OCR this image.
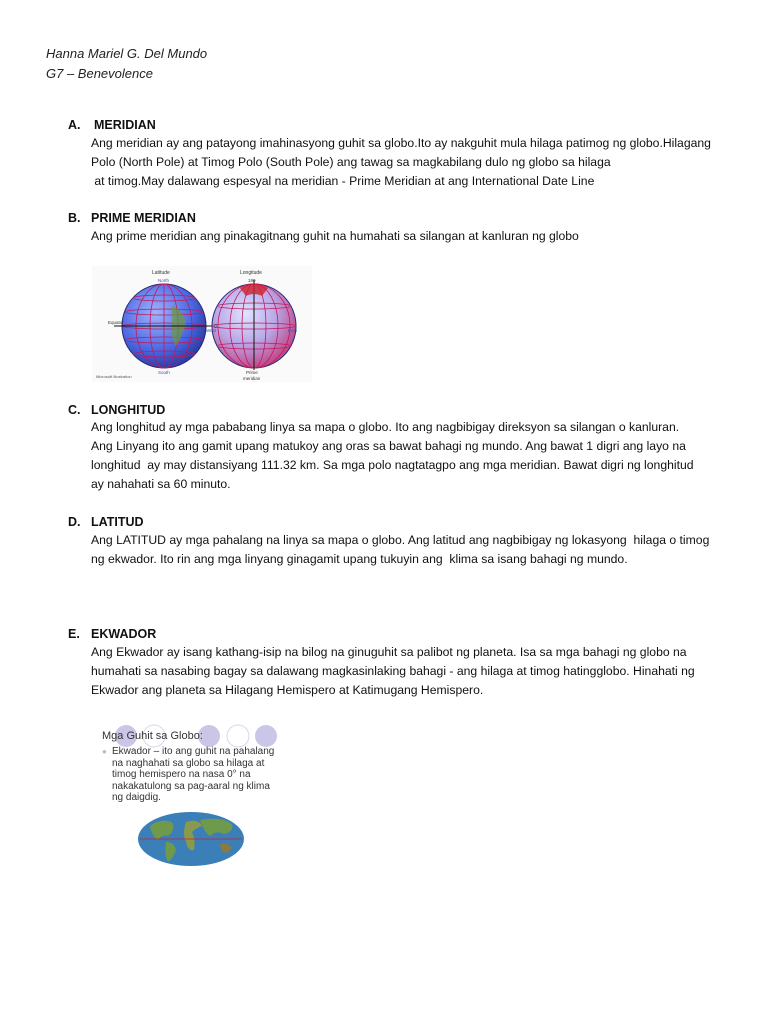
Hanna Mariel G. Del Mundo
G7 – Benevolence
A. MERIDIAN
Ang meridian ay ang patayong imahinasyong guhit sa globo.Ito ay nakguhit mula hilaga patimog ng globo.Hilagang
Polo (North Pole) at Timog Polo (South Pole) ang tawag sa magkabilang dulo ng globo sa hilaga
at timog.May dalawang espesyal na meridian - Prime Meridian at ang International Date Line
B. PRIME MERIDIAN
Ang prime meridian ang pinakagitnang guhit na humahati sa silangan at kanluran ng globo
Latitude
North
South
Equator
0
Longitude
180
West	East
Prime
meridian
Microsoft Illustration
C. LONGHITUD
Ang longhitud ay mga pababang linya sa mapa o globo. Ito ang nagbibigay direksyon sa silangan o kanluran.
Ang Linyang ito ang gamit upang matukoy ang oras sa bawat bahagi ng mundo. Ang bawat 1 digri ang layo na
longhitud  ay may distansiyang 111.32 km. Sa mga polo nagtatagpo ang mga meridian. Bawat digri ng longhitud
ay nahahati sa 60 minuto.
D. LATITUD
Ang LATITUD ay mga pahalang na linya sa mapa o globo. Ang latitud ang nagbibigay ng lokasyong  hilaga o timog
ng ekwador. Ito rin ang mga linyang ginagamit upang tukuyin ang  klima sa isang bahagi ng mundo.
E. EKWADOR
Ang Ekwador ay isang kathang-isip na bilog na ginuguhit sa palibot ng planeta. Isa sa mga bahagi ng globo na
humahati sa nasabing bagay sa dalawang magkasinlaking bahagi - ang hilaga at timog hatingglobo. Hinahati ng
Ekwador ang planeta sa Hilagang Hemispero at Katimugang Hemispero.
Mga Guhit sa Globo:
● Ekwador – ito ang guhit na pahalang
na naghahati sa globo sa hilaga at
timog hemispero na nasa 0° na
nakakatulong sa pag-aaral ng klima
ng daigdig.
